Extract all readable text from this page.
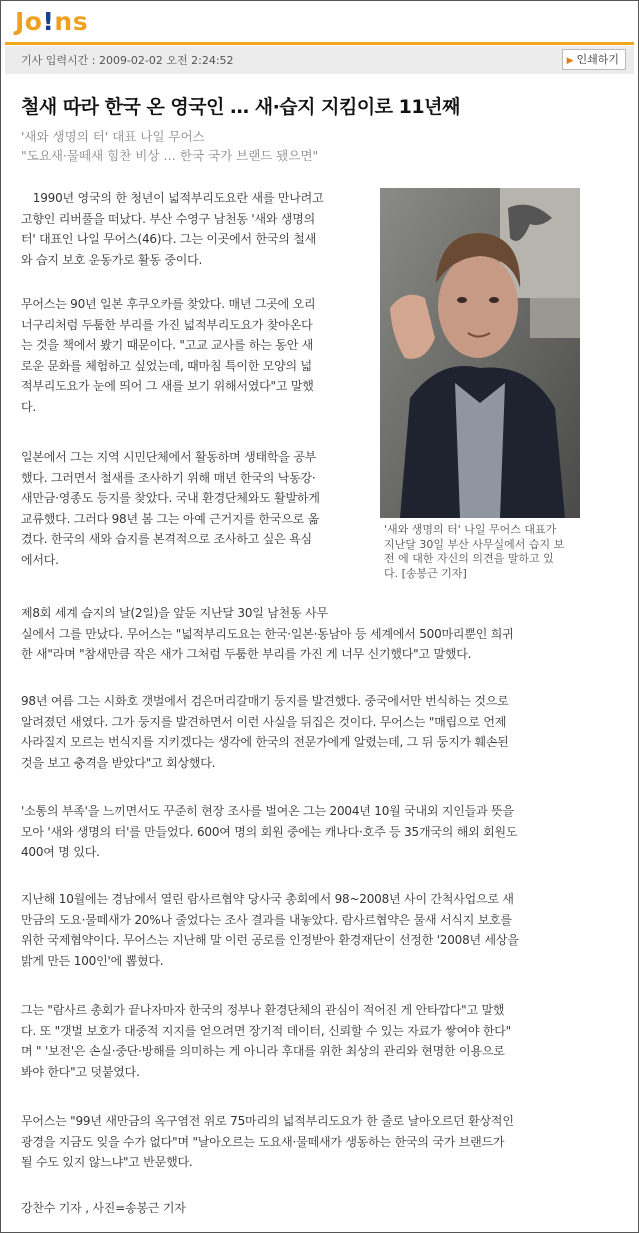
Jo!ns
기사 입력시간 : 2009-02-02 오전 2:24:52	▶ 인쇄하기
철새 따라 한국 온 영국인 … 새·습지 지킴이로 11년째
'새와 생명의 터' 대표 나일 무어스
"도요새·물떼새 힘찬 비상 … 한국 국가 브랜드 됐으면"
'새와 생명의 터' 나일 무어스 대표가
지난달 30일 부산 사무실에서 습지 보
전 에 대한 자신의 의견을 말하고 있
다. [송봉근 기자]
　1990년 영국의 한 청년이 넓적부리도요란 새를 만나려고
고향인 리버풀을 떠났다. 부산 수영구 남천동 '새와 생명의
터' 대표인 나일 무어스(46)다. 그는 이곳에서 한국의 철새
와 습지 보호 운동가로 활동 중이다.
무어스는 90년 일본 후쿠오카를 찾았다. 매년 그곳에 오리
너구리처럼 두툼한 부리를 가진 넓적부리도요가 찾아온다
는 것을 책에서 봤기 때문이다. "고교 교사를 하는 동안 새
로운 문화를 체험하고 싶었는데, 때마침 특이한 모양의 넓
적부리도요가 눈에 띄어 그 새를 보기 위해서였다"고 말했
다.
일본에서 그는 지역 시민단체에서 활동하며 생태학을 공부
했다. 그러면서 철새를 조사하기 위해 매년 한국의 낙동강·
새만금·영종도 등지를 찾았다. 국내 환경단체와도 활발하게
교류했다. 그러다 98년 봄 그는 아예 근거지를 한국으로 옮
겼다. 한국의 새와 습지를 본격적으로 조사하고 싶은 욕심
에서다.
제8회 세계 습지의 날(2일)을 앞둔 지난달 30일 남천동 사무
실에서 그를 만났다. 무어스는 "넓적부리도요는 한국·일본·동남아 등 세계에서 500마리뿐인 희귀
한 새"라며 "참새만큼 작은 새가 그처럼 두툼한 부리를 가진 게 너무 신기했다"고 말했다.
98년 여름 그는 시화호 갯벌에서 검은머리갈매기 둥지를 발견했다. 중국에서만 번식하는 것으로
알려졌던 새였다. 그가 둥지를 발견하면서 이런 사실을 뒤집은 것이다. 무어스는 "매립으로 언제
사라질지 모르는 번식지를 지키겠다는 생각에 한국의 전문가에게 알렸는데, 그 뒤 둥지가 훼손된
것을 보고 충격을 받았다"고 회상했다.
'소통의 부족'을 느끼면서도 꾸준히 현장 조사를 벌여온 그는 2004년 10월 국내외 지인들과 뜻을
모아 '새와 생명의 터'를 만들었다. 600여 명의 회원 중에는 캐나다·호주 등 35개국의 해외 회원도
400여 명 있다.
지난해 10월에는 경남에서 열린 람사르협약 당사국 총회에서 98~2008년 사이 간척사업으로 새
만금의 도요·물떼새가 20%나 줄었다는 조사 결과를 내놓았다. 람사르협약은 물새 서식지 보호를
위한 국제협약이다. 무어스는 지난해 말 이런 공로를 인정받아 환경재단이 선정한 '2008년 세상을
밝게 만든 100인'에 뽑혔다.
그는 "람사르 총회가 끝나자마자 한국의 정부나 환경단체의 관심이 적어진 게 안타깝다"고 말했
다. 또 "갯벌 보호가 대중적 지지를 얻으려면 장기적 데이터, 신뢰할 수 있는 자료가 쌓여야 한다"
며 " '보전'은 손실·중단·방해를 의미하는 게 아니라 후대를 위한 최상의 관리와 현명한 이용으로
봐야 한다"고 덧붙였다.
무어스는 "99년 새만금의 옥구염전 위로 75마리의 넓적부리도요가 한 줄로 날아오르던 환상적인
광경을 지금도 잊을 수가 없다"며 "날아오르는 도요새·물떼새가 생동하는 한국의 국가 브랜드가
될 수도 있지 않느냐"고 반문했다.
강찬수 기자 , 사진=송봉근 기자
